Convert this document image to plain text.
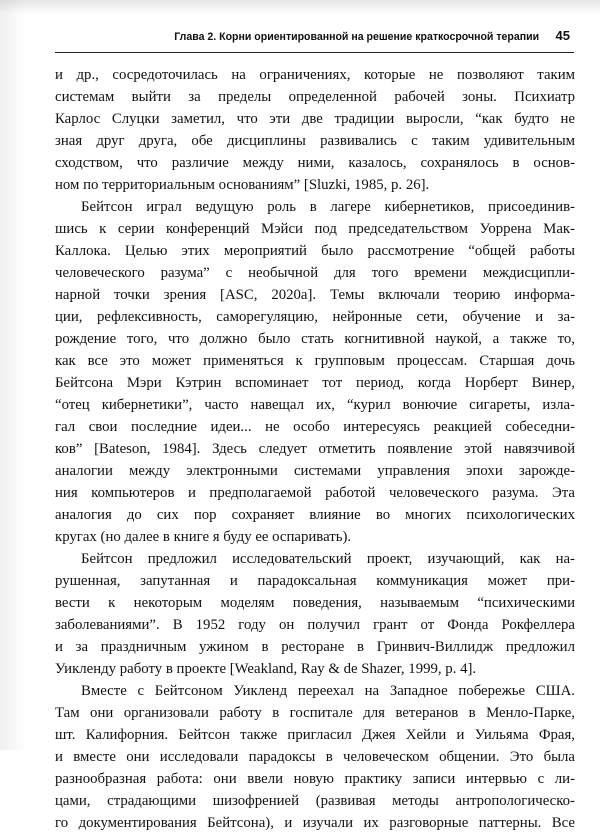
Глава 2. Корни ориентированной на решение краткосрочной терапии 45
и др., сосредоточилась на ограничениях, которые не позволяют таким
системам выйти за пределы определенной рабочей зоны. Психиатр
Карлос Слуцки заметил, что эти две традиции выросли, “как будто не
зная друг друга, обе дисциплины развивались с таким удивительным
сходством, что различие между ними, казалось, сохранялось в основ-
ном по территориальным основаниям” [Sluzki, 1985, p. 26].
Бейтсон играл ведущую роль в лагере кибернетиков, присоединив-
шись к серии конференций Мэйси под председательством Уоррена Мак-
Каллока. Целью этих мероприятий было рассмотрение “общей работы
человеческого разума” с необычной для того времени междисципли-
нарной точки зрения [ASC, 2020a]. Темы включали теорию информа-
ции, рефлексивность, саморегуляцию, нейронные сети, обучение и за-
рождение того, что должно было стать когнитивной наукой, а также то,
как все это может применяться к групповым процессам. Старшая дочь
Бейтсона Мэри Кэтрин вспоминает тот период, когда Норберт Винер,
“отец кибернетики”, часто навещал их, “курил вонючие сигареты, излa-
гал свои последние идеи... не особо интересуясь реакцией собеседни-
ков” [Bateson, 1984]. Здесь следует отметить появление этой навязчивой
аналогии между электронными системами управления эпохи зарожде-
ния компьютеров и предполагаемой работой человеческого разума. Эта
аналогия до сих пор сохраняет влияние во многих психологических
кругах (но далее в книге я буду ее оспаривать).
Бейтсон предложил исследовательский проект, изучающий, как на-
рушенная, запутанная и парадоксальная коммуникация может при-
вести к некоторым моделям поведения, называемым “психическими
заболеваниями”. В 1952 году он получил грант от Фонда Рокфеллера
и за праздничным ужином в ресторане в Гринвич-Виллидж предложил
Уикленду работу в проекте [Weakland, Ray & de Shazer, 1999, p. 4].
Вместе с Бейтсоном Уикленд переехал на Западное побережье США.
Там они организовали работу в госпитале для ветеранов в Менло-Парке,
шт. Калифорния. Бейтсон также пригласил Джея Хейли и Уильяма Фрая,
и вместе они исследовали парадоксы в человеческом общении. Это была
разнообразная работа: они ввели новую практику записи интервью с ли-
цами, страдающими шизофренией (развивая методы антропологическо-
го документирования Бейтсона), и изучали их разговорные паттерны. Все
